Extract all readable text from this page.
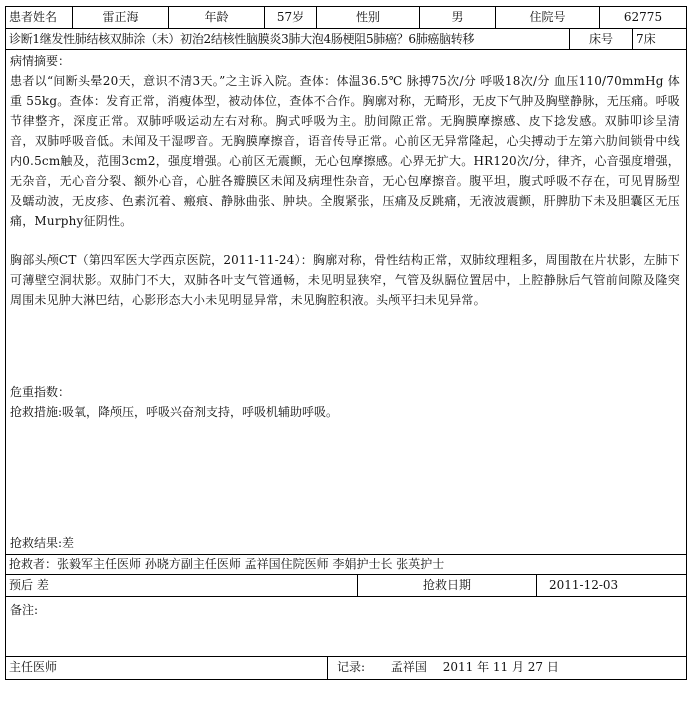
患者姓名	雷正海	年龄	57岁	性别	男	住院号	62775
诊断1继发性肺结核双肺涂（未）初治2结核性脑膜炎3肺大泡4肠梗阻5肺癌？6肺癌脑转移	床号	7床
病情摘要：
患者以“间断头晕20天，意识不清3天。”之主诉入院。查体：体温36.5℃ 脉搏75次/分 呼吸18次/分 血压110/70mmHg 体重 55kg。查体：发育正常，消瘦体型，被动体位，查体不合作。胸廓对称，无畸形，无皮下气肿及胸壁静脉，无压痛。呼吸节律整齐，深度正常。双肺呼吸运动左右对称。胸式呼吸为主。肋间隙正常。无胸膜摩擦感、皮下捻发感。双肺叩诊呈清音，双肺呼吸音低。未闻及干湿啰音。无胸膜摩擦音，语音传导正常。心前区无异常隆起，心尖搏动于左第六肋间锁骨中线内0.5cm触及，范围3cm2，强度增强。心前区无震颤，无心包摩擦感。心界无扩大。HR120次/分，律齐，心音强度增强，无杂音，无心音分裂、额外心音，心脏各瓣膜区未闻及病理性杂音，无心包摩擦音。腹平坦，腹式呼吸不存在，可见胃肠型及蠕动波，无皮疹、色素沉着、瘢痕、静脉曲张、肿块。全腹紧张，压痛及反跳痛，无液波震颤，肝脾肋下未及胆囊区无压痛，Murphy征阴性。
胸部头颅CT（第四军医大学西京医院，2011-11-24）：胸廓对称，骨性结构正常，双肺纹理粗多，周围散在片状影，左肺下可薄壁空洞状影。双肺门不大，双肺各叶支气管通畅，未见明显狭窄，气管及纵膈位置居中，上腔静脉后气管前间隙及隆突周围未见肿大淋巴结，心影形态大小未见明显异常，未见胸腔积液。头颅平扫未见异常。
危重指数：
抢救措施:吸氧，降颅压，呼吸兴奋剂支持，呼吸机辅助呼吸。
抢救结果:差
抢救者：张毅军主任医师 孙晓方副主任医师 孟祥国住院医师 李娟护士长 张英护士
预后 差	抢救日期	2011-12-03
备注:
主任医师	记录: 孟祥国 2011 年 11 月 27 日
